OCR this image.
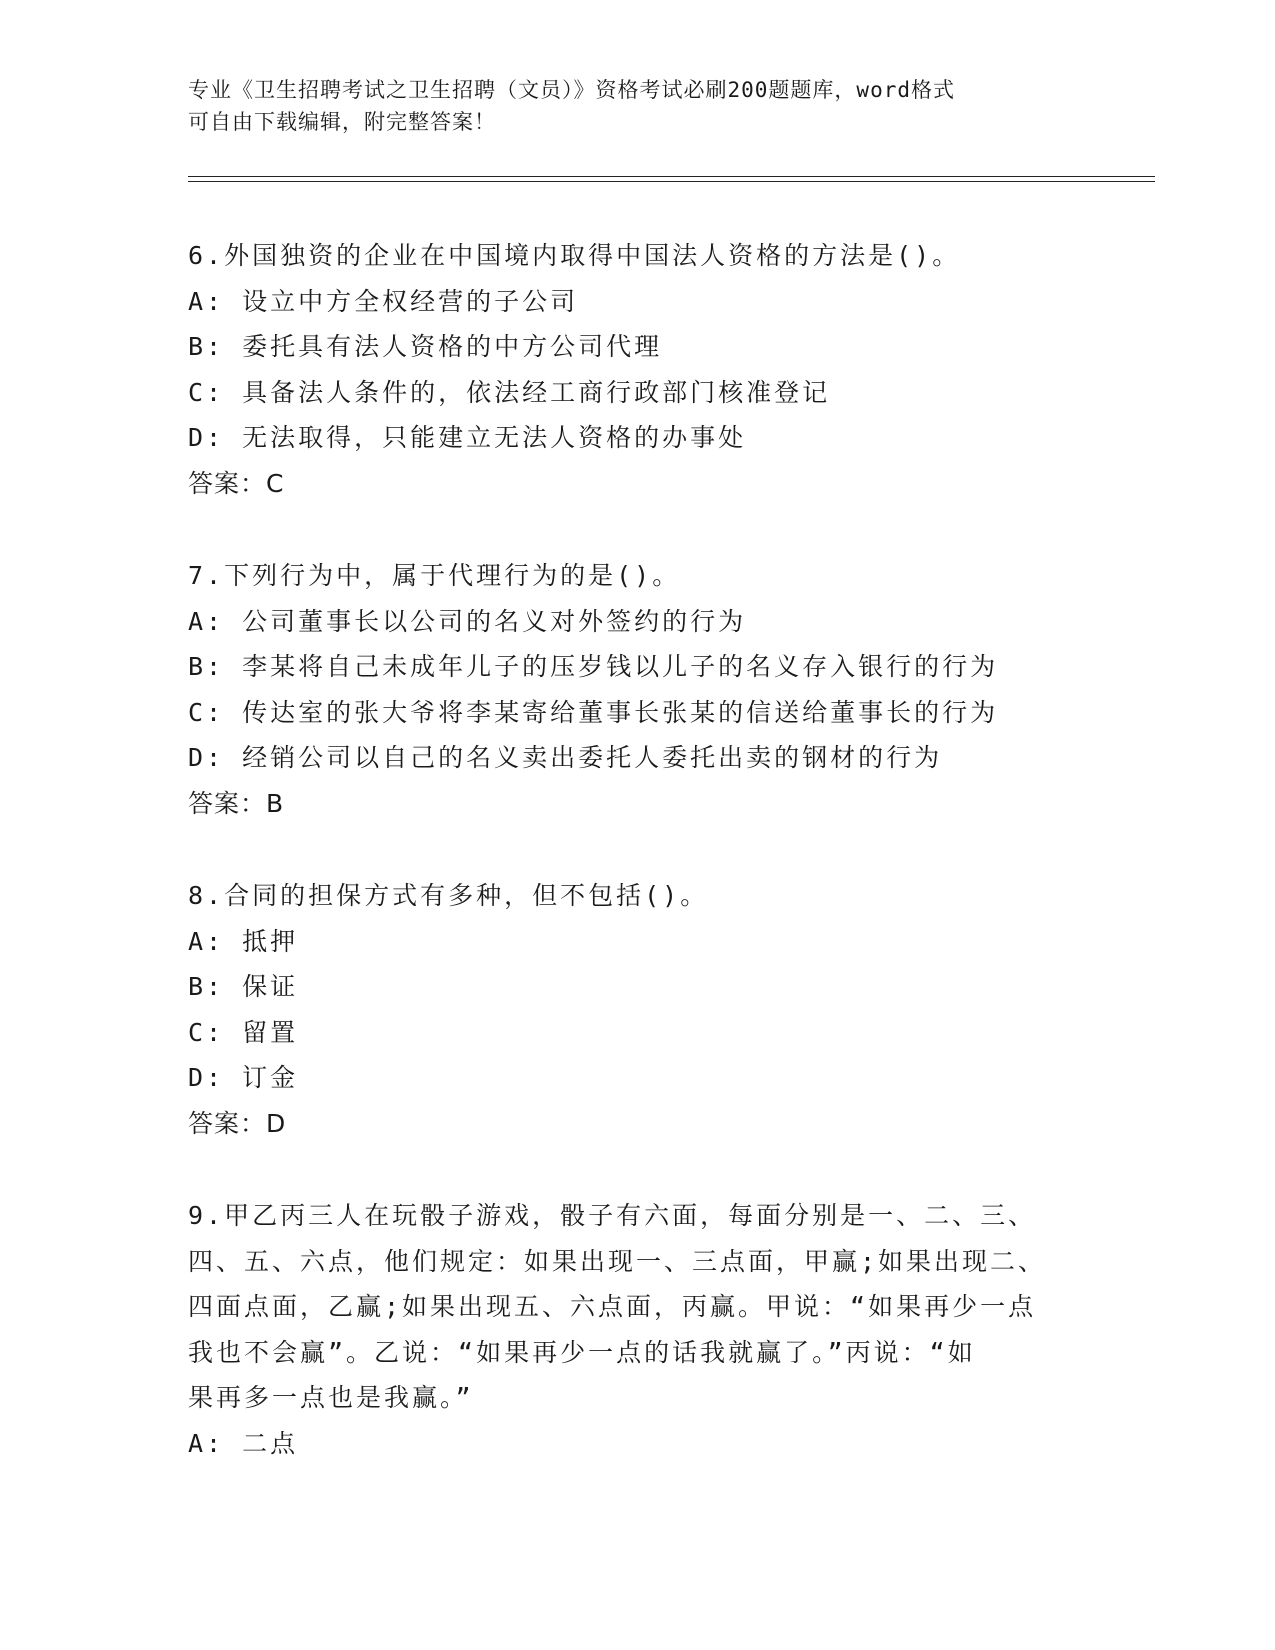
专业《卫生招聘考试之卫生招聘（文员）》资格考试必刷200题题库，word格式
可自由下载编辑，附完整答案！
6.外国独资的企业在中国境内取得中国法人资格的方法是()。
A: 设立中方全权经营的子公司
B: 委托具有法人资格的中方公司代理
C: 具备法人条件的，依法经工商行政部门核准登记
D: 无法取得，只能建立无法人资格的办事处
答案：C
7.下列行为中，属于代理行为的是()。
A: 公司董事长以公司的名义对外签约的行为
B: 李某将自己未成年儿子的压岁钱以儿子的名义存入银行的行为
C: 传达室的张大爷将李某寄给董事长张某的信送给董事长的行为
D: 经销公司以自己的名义卖出委托人委托出卖的钢材的行为
答案：B
8.合同的担保方式有多种，但不包括()。
A: 抵押
B: 保证
C: 留置
D: 订金
答案：D
9.甲乙丙三人在玩骰子游戏，骰子有六面，每面分别是一、二、三、
四、五、六点，他们规定：如果出现一、三点面，甲赢;如果出现二、
四面点面，乙赢;如果出现五、六点面，丙赢。甲说：“如果再少一点
我也不会赢”。乙说：“如果再少一点的话我就赢了。”丙说：“如
果再多一点也是我赢。”
A: 二点
